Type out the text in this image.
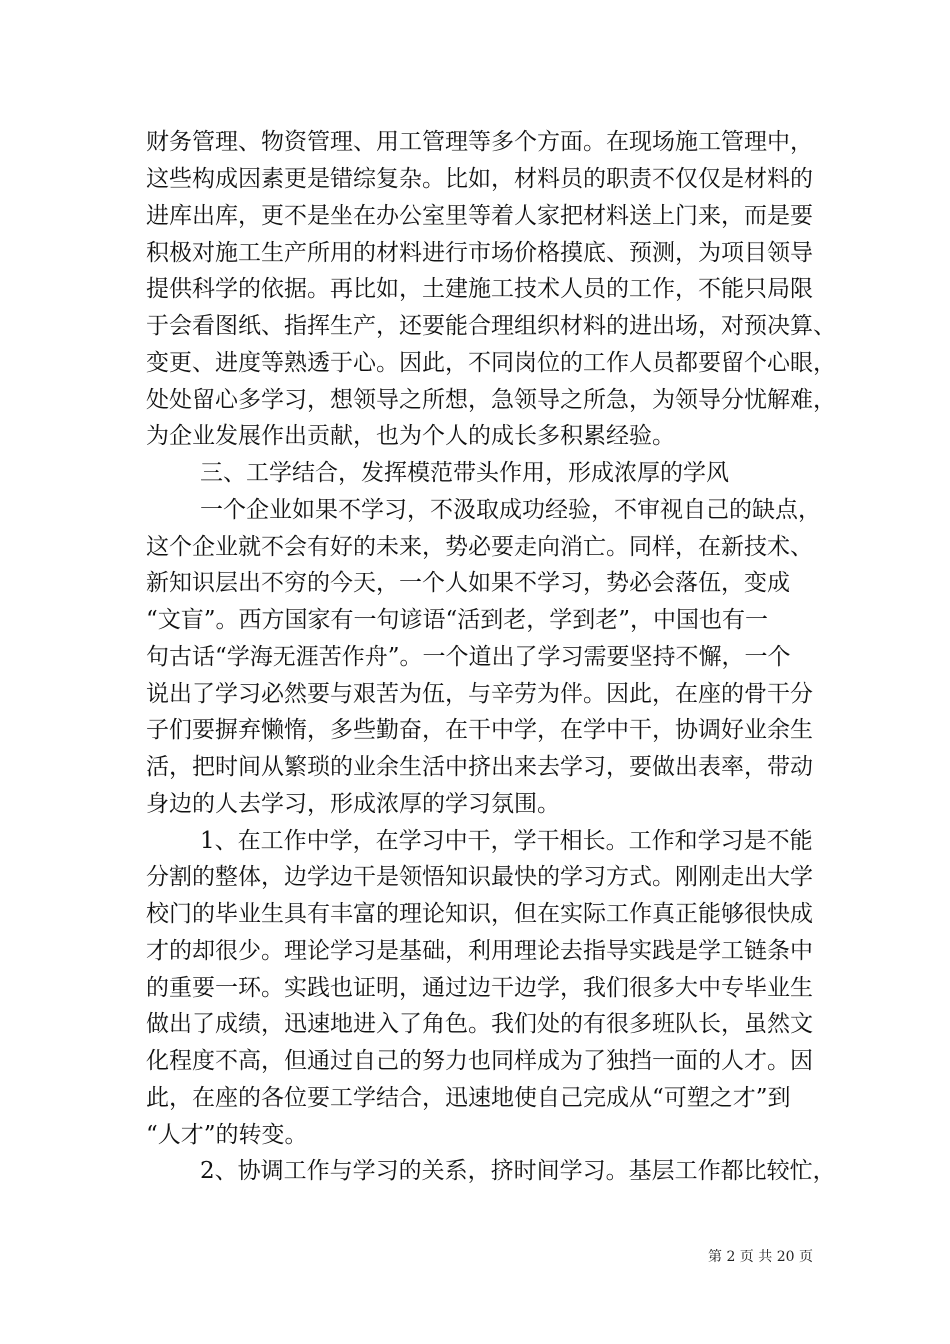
财务管理、物资管理、用工管理等多个方面。在现场施工管理中，
这些构成因素更是错综复杂。比如，材料员的职责不仅仅是材料的
进库出库，更不是坐在办公室里等着人家把材料送上门来，而是要
积极对施工生产所用的材料进行市场价格摸底、预测，为项目领导
提供科学的依据。再比如，土建施工技术人员的工作，不能只局限
于会看图纸、指挥生产，还要能合理组织材料的进出场，对预决算、
变更、进度等熟透于心。因此，不同岗位的工作人员都要留个心眼，
处处留心多学习，想领导之所想，急领导之所急，为领导分忧解难，
为企业发展作出贡献，也为个人的成长多积累经验。
三、工学结合，发挥模范带头作用，形成浓厚的学风
一个企业如果不学习，不汲取成功经验，不审视自己的缺点，
这个企业就不会有好的未来，势必要走向消亡。同样，在新技术、
新知识层出不穷的今天，一个人如果不学习，势必会落伍，变成
“文盲”。西方国家有一句谚语“活到老，学到老”，中国也有一
句古话“学海无涯苦作舟”。一个道出了学习需要坚持不懈，一个
说出了学习必然要与艰苦为伍，与辛劳为伴。因此，在座的骨干分
子们要摒弃懒惰，多些勤奋，在干中学，在学中干，协调好业余生
活，把时间从繁琐的业余生活中挤出来去学习，要做出表率，带动
身边的人去学习，形成浓厚的学习氛围。
1、在工作中学，在学习中干，学干相长。工作和学习是不能
分割的整体，边学边干是领悟知识最快的学习方式。刚刚走出大学
校门的毕业生具有丰富的理论知识，但在实际工作真正能够很快成
才的却很少。理论学习是基础，利用理论去指导实践是学工链条中
的重要一环。实践也证明，通过边干边学，我们很多大中专毕业生
做出了成绩，迅速地进入了角色。我们处的有很多班队长，虽然文
化程度不高，但通过自己的努力也同样成为了独挡一面的人才。因
此，在座的各位要工学结合，迅速地使自己完成从“可塑之才”到
“人才”的转变。
2、协调工作与学习的关系，挤时间学习。基层工作都比较忙，
第 2 页 共 20 页
